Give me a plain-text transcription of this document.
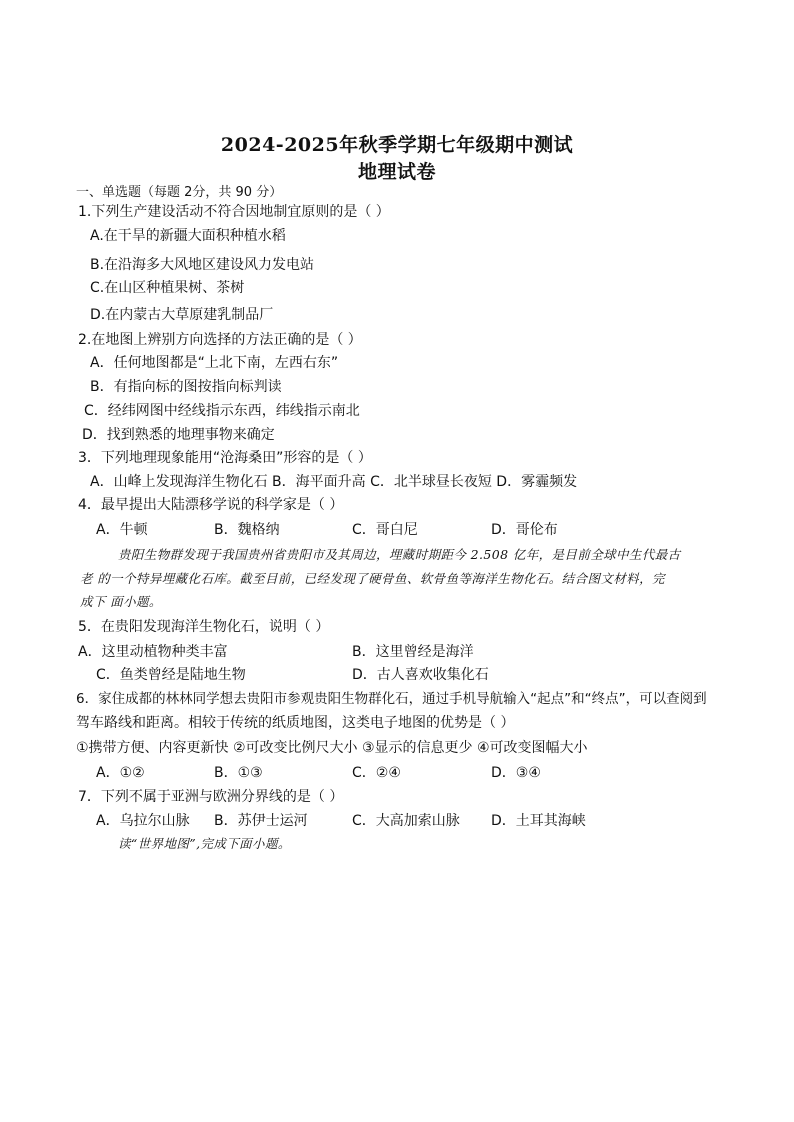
2024-2025年秋季学期七年级期中测试
地理试卷
一、单选题（每题 2分，共 90 分）
1.下列生产建设活动不符合因地制宜原则的是（ ）
A.在干旱的新疆大面积种植水稻
B.在沿海多大风地区建设风力发电站
C.在山区种植果树、茶树
D.在内蒙古大草原建乳制品厂
2.在地图上辨别方向选择的方法正确的是（ ）
A．任何地图都是“上北下南，左西右东”
B．有指向标的图按指向标判读
C．经纬网图中经线指示东西，纬线指示南北
D．找到熟悉的地理事物来确定
3．下列地理现象能用“沧海桑田”形容的是（ ）
A．山峰上发现海洋生物化石 B．海平面升高 C．北半球昼长夜短 D．雾霾频发
4．最早提出大陆漂移学说的科学家是（ ）
A．牛顿	B．魏格纳	C．哥白尼	D．哥伦布
贵阳生物群发现于我国贵州省贵阳市及其周边，埋藏时期距今 2.508 亿年，是目前全球中生代最古
老 的一个特异埋藏化石库。截至目前，已经发现了硬骨鱼、软骨鱼等海洋生物化石。结合图文材料，完
成下 面小题。
5．在贵阳发现海洋生物化石，说明（ ）
A．这里动植物种类丰富	B．这里曾经是海洋
C．鱼类曾经是陆地生物	D．古人喜欢收集化石
6．家住成都的林林同学想去贵阳市参观贵阳生物群化石，通过手机导航输入“起点”和“终点”，可以查阅到
驾车路线和距离。相较于传统的纸质地图，这类电子地图的优势是（ ）
①携带方便、内容更新快 ②可改变比例尺大小 ③显示的信息更少 ④可改变图幅大小
A．①②	B．①③	C．②④	D．③④
7．下列不属于亚洲与欧洲分界线的是（ ）
A．乌拉尔山脉 B．苏伊士运河	C．大高加索山脉 D．土耳其海峡
读“世界地图”,完成下面小题。
